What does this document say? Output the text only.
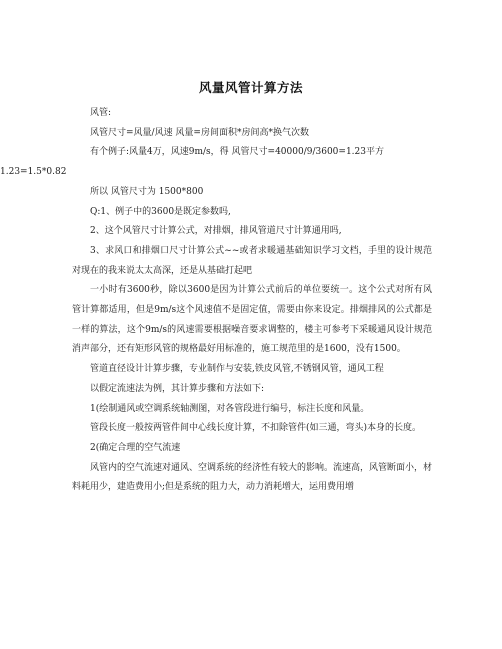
风量风管计算方法

风管:

风管尺寸=风量/风速 风量=房间面积*房间高*换气次数

有个例子:风量4万，风速9m/s，得 风管尺寸=40000/9/3600=1.23平方

1.23=1.5*0.82

所以 风管尺寸为 1500*800

Q:1、例子中的3600是既定参数吗,

2、这个风管尺寸计算公式，对排烟，排风管道尺寸计算通用吗,

3、求风口和排烟口尺寸计算公式~~或者求暖通基础知识学习文档，手里的设计规范对现在的我来说太太高深，还是从基础打起吧

一小时有3600秒，除以3600是因为计算公式前后的单位要统一。这个公式对所有风管计算都适用，但是9m/s这个风速值不是固定值，需要由你来设定。排烟排风的公式都是一样的算法，这个9m/s的风速需要根据噪音要求调整的，楼主可参考下采暖通风设计规范消声部分，还有矩形风管的规格最好用标准的，施工规范里的是1600，没有1500。

管道直径设计计算步骤，专业制作与安装,铁皮风管,不锈钢风管，通风工程

以假定流速法为例，其计算步骤和方法如下:

1(绘制通风或空调系统轴测图，对各管段进行编号，标注长度和风量。

管段长度一般按两管件间中心线长度计算，不扣除管件(如三通，弯头)本身的长度。

2(确定合理的空气流速

风管内的空气流速对通风、空调系统的经济性有较大的影响。流速高，风管断面小，材料耗用少，建造费用小;但是系统的阻力大，动力消耗增大，运用费用增
